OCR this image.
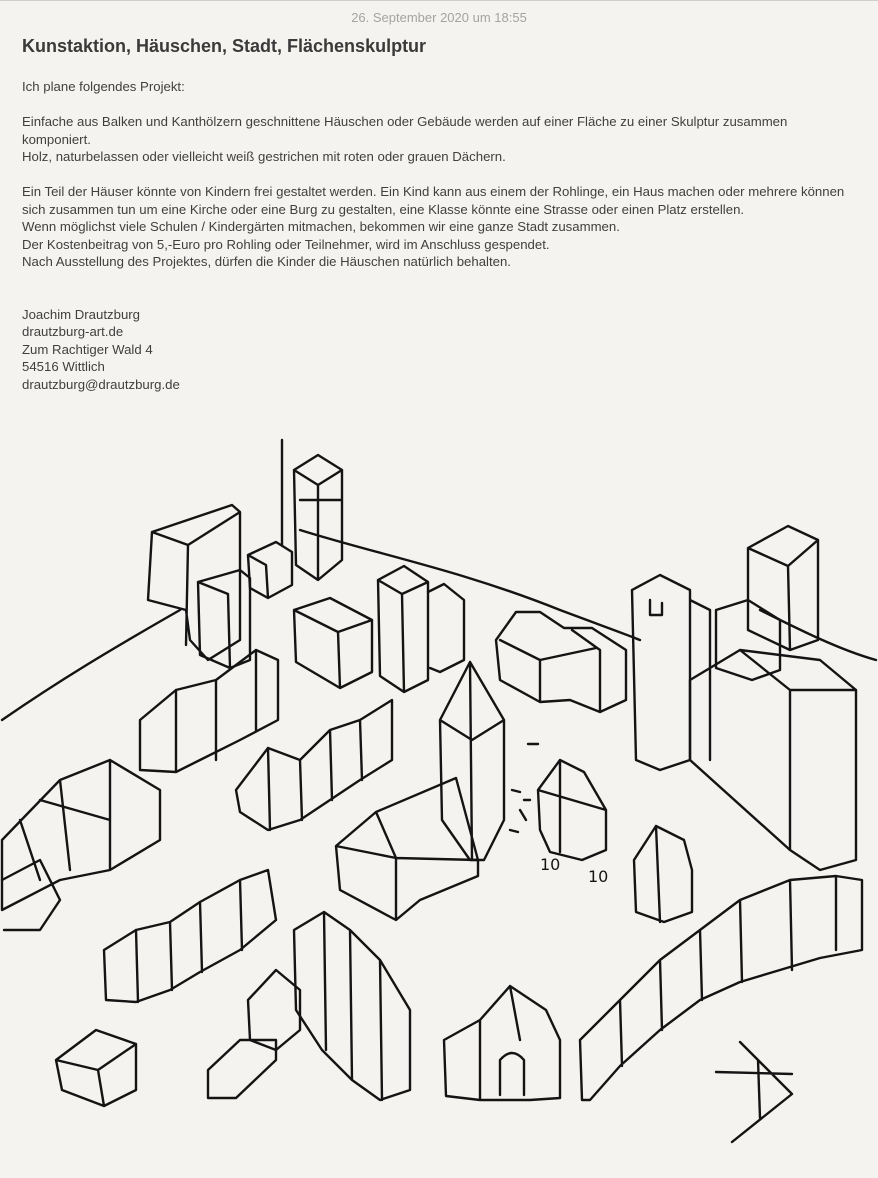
26. September 2020 um 18:55
Kunstaktion, Häuschen, Stadt, Flächenskulptur

Ich plane folgendes Projekt:

Einfache aus Balken und Kanthölzern geschnittene Häuschen oder Gebäude werden auf einer Fläche zu einer Skulptur zusammen komponiert.

Holz, naturbelassen oder vielleicht weiß gestrichen mit roten oder grauen Dächern.

Ein Teil der Häuser könnte von Kindern frei gestaltet werden. Ein Kind kann aus einem der Rohlinge, ein Haus machen oder mehrere können sich zusammen tun um eine Kirche oder eine Burg zu gestalten, eine Klasse könnte eine Strasse oder einen Platz erstellen.

Wenn möglichst viele Schulen / Kindergärten mitmachen, bekommen wir eine ganze Stadt zusammen.

Der Kostenbeitrag von 5,-Euro pro Rohling oder Teilnehmer, wird im Anschluss gespendet.

Nach Ausstellung des Projektes, dürfen die Kinder die Häuschen natürlich behalten.

Joachim Drautzburg

drautzburg-art.de

Zum Rachtiger Wald 4

54516 Wittlich

drautzburg@drautzburg.de

10
10
